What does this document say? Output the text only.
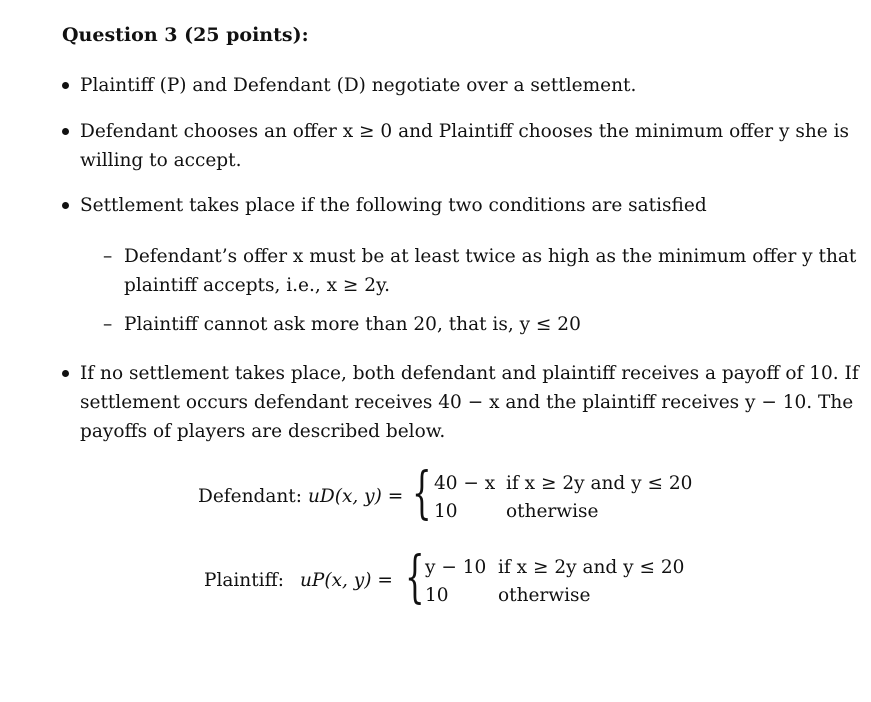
Question 3 (25 points):
Plaintiff (P) and Defendant (D) negotiate over a settlement.
Defendant chooses an offer x ≥ 0 and Plaintiff chooses the minimum offer y she is
willing to accept.
Settlement takes place if the following two conditions are satisfied
– Defendant’s offer x must be at least twice as high as the minimum offer y that
plaintiff accepts, i.e., x ≥ 2y.
– Plaintiff cannot ask more than 20, that is, y ≤ 20
If no settlement takes place, both defendant and plaintiff receives a payoff of 10. If
settlement occurs defendant receives 40 − x and the plaintiff receives y − 10. The
payoffs of players are described below.
Defendant: uD(x, y) = { 40 − x if x ≥ 2y and y ≤ 20
10	otherwise
Plaintiff: uP(x, y) = { y − 10 if x ≥ 2y and y ≤ 20
10	otherwise
